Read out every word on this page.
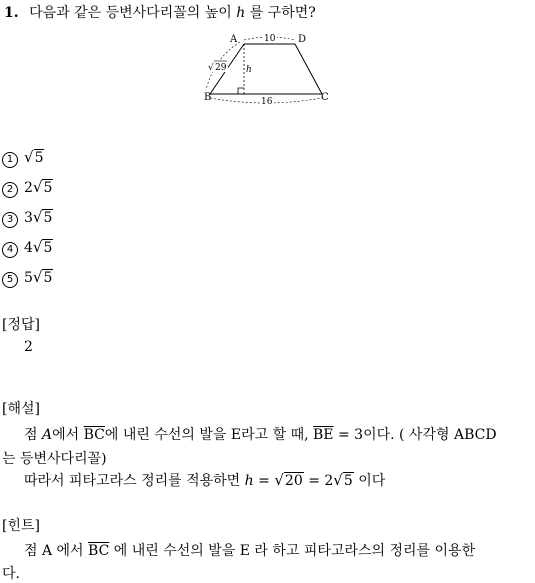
1. 다음과 같은 등변사다리꼴의 높이 h 를 구하면?
A	D
B	C
10
16
h
√ 29
1 √5
2 2√5
3 3√5
4 4√5
5 5√5
[정답]
2
[해설]
점 A에서 $\overline{BC}$에 내린 수선의 발을 E라고 할 때, $\overline{BE} = 3$이다. ( 사각형 ABCD
는 등변사다리꼴)
따라서 피타고라스 정리를 적용하면 h = √20 = 2√5 이다
[힌트]
점 A 에서 $\overline{BC}$ 에 내린 수선의 발을 E 라 하고 피타고라스의 정리를 이용한
다.
